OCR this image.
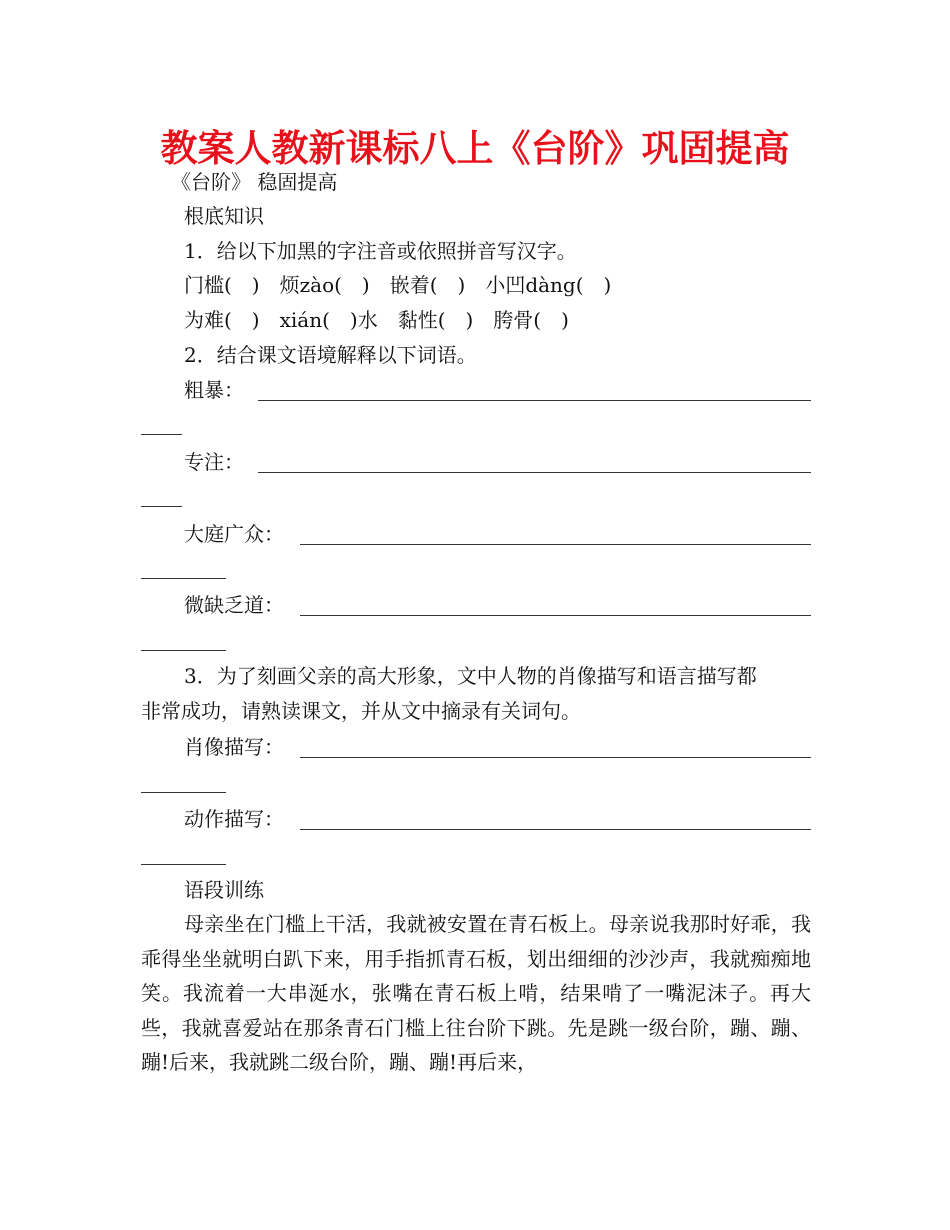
教案人教新课标八上《台阶》巩固提高
《台阶》 稳固提高
根底知识
1．给以下加黑的字注音或依照拼音写汉字。
门槛(　)　烦zào(　)　嵌着(　)　小凹dàng(　)
为难(　)　xián(　)水　黏性(　)　胯骨(　)
2．结合课文语境解释以下词语。
粗暴：
专注：
大庭广众：
微缺乏道：
3．为了刻画父亲的高大形象，文中人物的肖像描写和语言描写都
非常成功，请熟读课文，并从文中摘录有关词句。
肖像描写：
动作描写：
语段训练
母亲坐在门槛上干活，我就被安置在青石板上。母亲说我那时好乖，我乖得坐坐就明白趴下来，用手指抓青石板，划出细细的沙沙声，我就痴痴地笑。我流着一大串涎水，张嘴在青石板上啃，结果啃了一嘴泥沫子。再大些，我就喜爱站在那条青石门槛上往台阶下跳。先是跳一级台阶，蹦、蹦、蹦!后来，我就跳二级台阶，蹦、蹦!再后来，
